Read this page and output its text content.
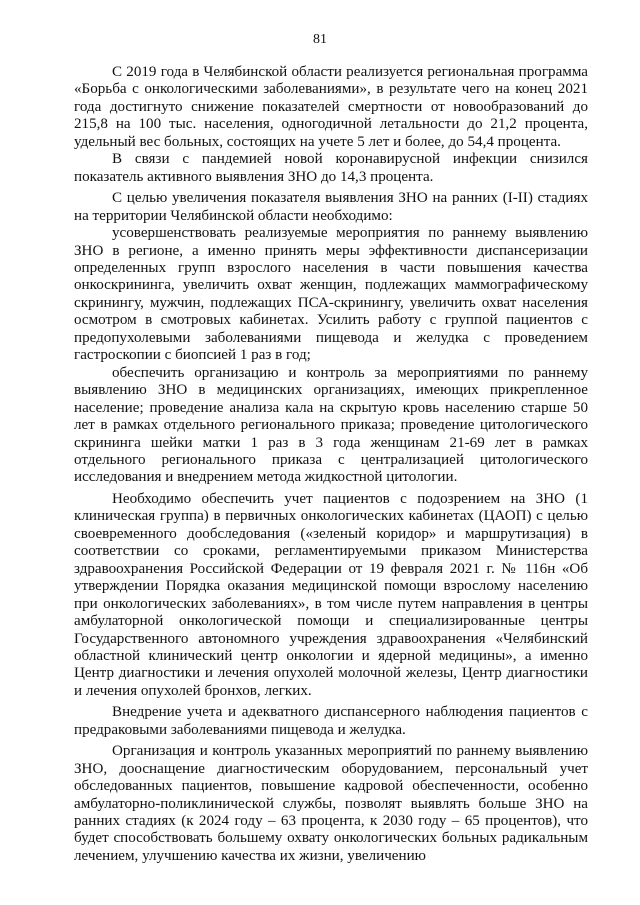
81

С 2019 года в Челябинской области реализуется региональная программа «Борьба с онкологическими заболеваниями», в результате чего на конец 2021 года достигнуто снижение показателей смертности от новообразований до 215,8 на 100 тыс. населения, одногодичной летальности до 21,2 процента, удельный вес больных, состоящих на учете 5 лет и более, до 54,4 процента.

В связи с пандемией новой коронавирусной инфекции снизился показатель активного выявления ЗНО до 14,3 процента.

С целью увеличения показателя выявления ЗНО на ранних (I-II) стадиях на территории Челябинской области необходимо:

усовершенствовать реализуемые мероприятия по раннему выявлению ЗНО в регионе, а именно принять меры эффективности диспансеризации определенных групп взрослого населения в части повышения качества онкоскрининга, увеличить охват женщин, подлежащих маммографическому скринингу, мужчин, подлежащих ПСА-скринингу, увеличить охват населения осмотром в смотровых кабинетах. Усилить работу с группой пациентов с предопухолевыми заболеваниями пищевода и желудка с проведением гастроскопии с биопсией 1 раз в год;

обеспечить организацию и контроль за мероприятиями по раннему выявлению ЗНО в медицинских организациях, имеющих прикрепленное население; проведение анализа кала на скрытую кровь населению старше 50 лет в рамках отдельного регионального приказа; проведение цитологического скрининга шейки матки 1 раз в 3 года женщинам 21-69 лет в рамках отдельного регионального приказа с централизацией цитологического исследования и внедрением метода жидкостной цитологии.

Необходимо обеспечить учет пациентов с подозрением на ЗНО (1 клиническая группа) в первичных онкологических кабинетах (ЦАОП) с целью своевременного дообследования («зеленый коридор» и маршрутизация) в соответствии со сроками, регламентируемыми приказом Министерства здравоохранения Российской Федерации от 19 февраля 2021 г. № 116н «Об утверждении Порядка оказания медицинской помощи взрослому населению при онкологических заболеваниях», в том числе путем направления в центры амбулаторной онкологической помощи и специализированные центры Государственного автономного учреждения здравоохранения «Челябинский областной клинический центр онкологии и ядерной медицины», а именно Центр диагностики и лечения опухолей молочной железы, Центр диагностики и лечения опухолей бронхов, легких.

Внедрение учета и адекватного диспансерного наблюдения пациентов с предраковыми заболеваниями пищевода и желудка.

Организация и контроль указанных мероприятий по раннему выявлению ЗНО, дооснащение диагностическим оборудованием, персональный учет обследованных пациентов, повышение кадровой обеспеченности, особенно амбулаторно-поликлинической службы, позволят выявлять больше ЗНО на ранних стадиях (к 2024 году – 63 процента, к 2030 году – 65 процентов), что будет способствовать большему охвату онкологических больных радикальным лечением, улучшению качества их жизни, увеличению
